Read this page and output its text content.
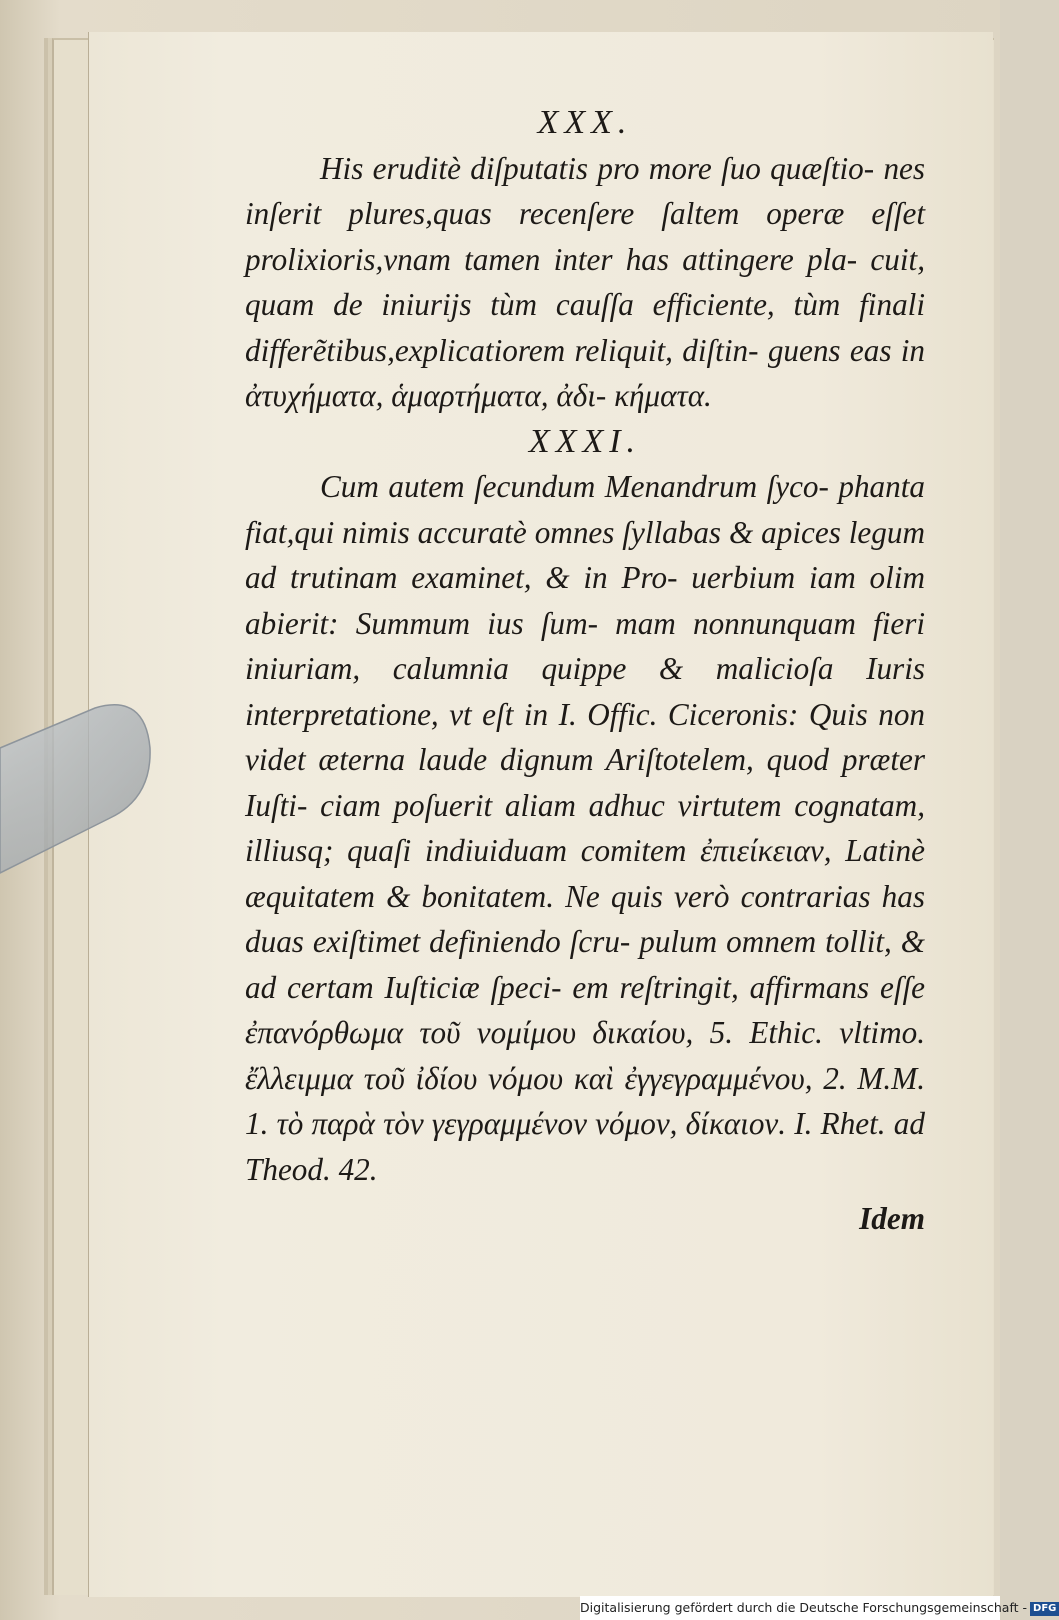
XXX.

His eruditè diſputatis pro more ſuo quæſtio- nes inſerit plures,quas recenſere ſaltem operæ eſſet prolixioris,vnam tamen inter has attingere pla- cuit, quam de iniurijs tùm cauſſa efficiente, tùm finali differẽtibus,explicatiorem reliquit, diſtin- guens eas in ἀτυχήματα, ἁμαρτήματα, ἀδι- κήματα.

XXXI.

Cum autem ſecundum Menandrum ſyco- phanta fiat,qui nimis accuratè omnes ſyllabas & apices legum ad trutinam examinet, & in Pro- uerbium iam olim abierit: Summum ius ſum- mam nonnunquam fieri iniuriam, calumnia quippe & malicioſa Iuris interpretatione, vt eſt in I. Offic. Ciceronis: Quis non videt æterna laude dignum Ariſtotelem, quod præter Iuſti- ciam poſuerit aliam adhuc virtutem cognatam, illiusq; quaſi indiuiduam comitem ἐπιείκειαν, Latinè æquitatem & bonitatem. Ne quis verò contrarias has duas exiſtimet definiendo ſcru- pulum omnem tollit, & ad certam Iuſticiæ ſpeci- em reſtringit, affirmans eſſe ἐπανόρθωμα τοῦ νομίμου δικαίου, 5. Ethic. vltimo. ἔλλειμμα τοῦ ἰδίου νόμου καὶ ἐγγεγραμμένου, 2. M.M. 1. τὸ παρὰ τὸν γεγραμμένον νόμον, δίκαιον. I. Rhet. ad Theod. 42.

Idem

Digitalisierung gefördert durch die Deutsche Forschungsgemeinschaft - DFG
